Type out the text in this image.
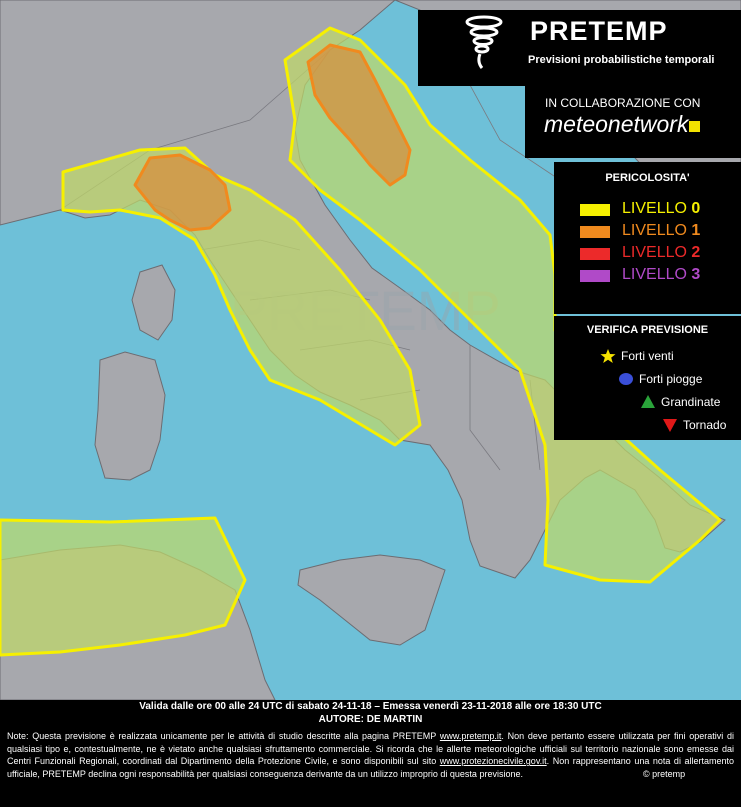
PRETEMP
Previsioni probabilistiche temporali
IN COLLABORAZIONE CON
meteonetwork
PERICOLOSITA'
LIVELLO 0
LIVELLO 1
LIVELLO 2
LIVELLO 3
VERIFICA PREVISIONE
Forti venti
Forti piogge
Grandinate
Tornado
Valida dalle ore 00 alle 24 UTC di sabato 24-11-18 – Emessa venerdì 23-11-2018 alle ore 18:30 UTC
AUTORE: DE MARTIN
Note: Questa previsione è realizzata unicamente per le attività di studio descritte alla pagina PRETEMP www.pretemp.it. Non deve pertanto essere utilizzata per fini operativi di qualsiasi tipo e, contestualmente, ne è vietato anche qualsiasi sfruttamento commerciale. Si ricorda che le allerte meteorologiche ufficiali sul territorio nazionale sono emesse dai Centri Funzionali Regionali, coordinati dal Dipartimento della Protezione Civile, e sono disponibili sul sito www.protezionecivile.gov.it. Non rappresentano una nota di allertamento ufficiale, PRETEMP declina ogni responsabilità per qualsiasi conseguenza derivante da un utilizzo improprio di questa previsione.	© pretemp
